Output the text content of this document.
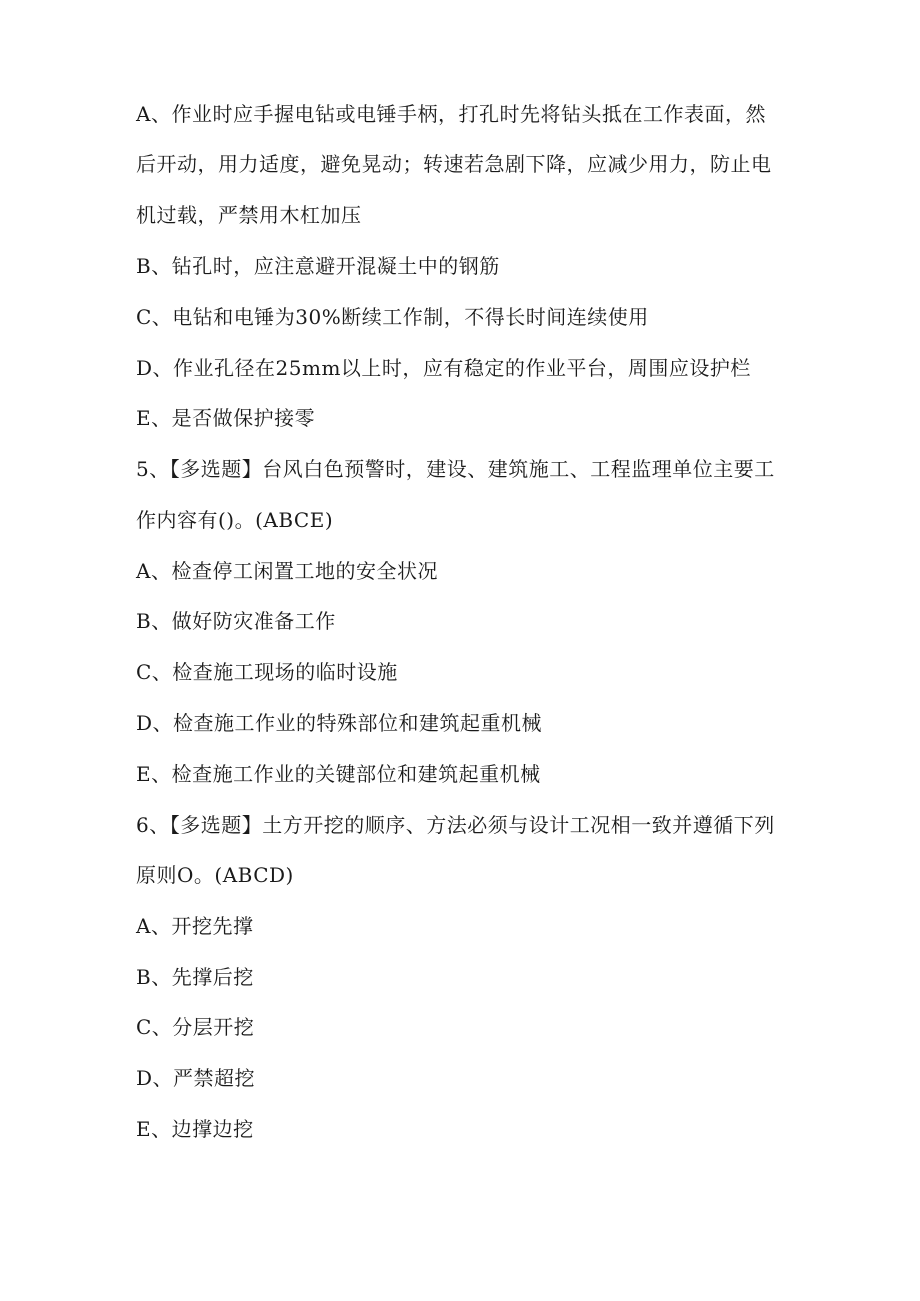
A、作业时应手握电钻或电锤手柄，打孔时先将钻头抵在工作表面，然
后开动，用力适度，避免晃动；转速若急剧下降，应减少用力，防止电
机过载，严禁用木杠加压
B、钻孔时，应注意避开混凝土中的钢筋
C、电钻和电锤为30%断续工作制，不得长时间连续使用
D、作业孔径在25mm以上时，应有稳定的作业平台，周围应设护栏
E、是否做保护接零
5、【多选题】台风白色预警时，建设、建筑施工、工程监理单位主要工
作内容有()。(ABCE)
A、检查停工闲置工地的安全状况
B、做好防灾准备工作
C、检查施工现场的临时设施
D、检查施工作业的特殊部位和建筑起重机械
E、检查施工作业的关键部位和建筑起重机械
6、【多选题】土方开挖的顺序、方法必须与设计工况相一致并遵循下列
原则O。(ABCD)
A、开挖先撑
B、先撑后挖
C、分层开挖
D、严禁超挖
E、边撑边挖
